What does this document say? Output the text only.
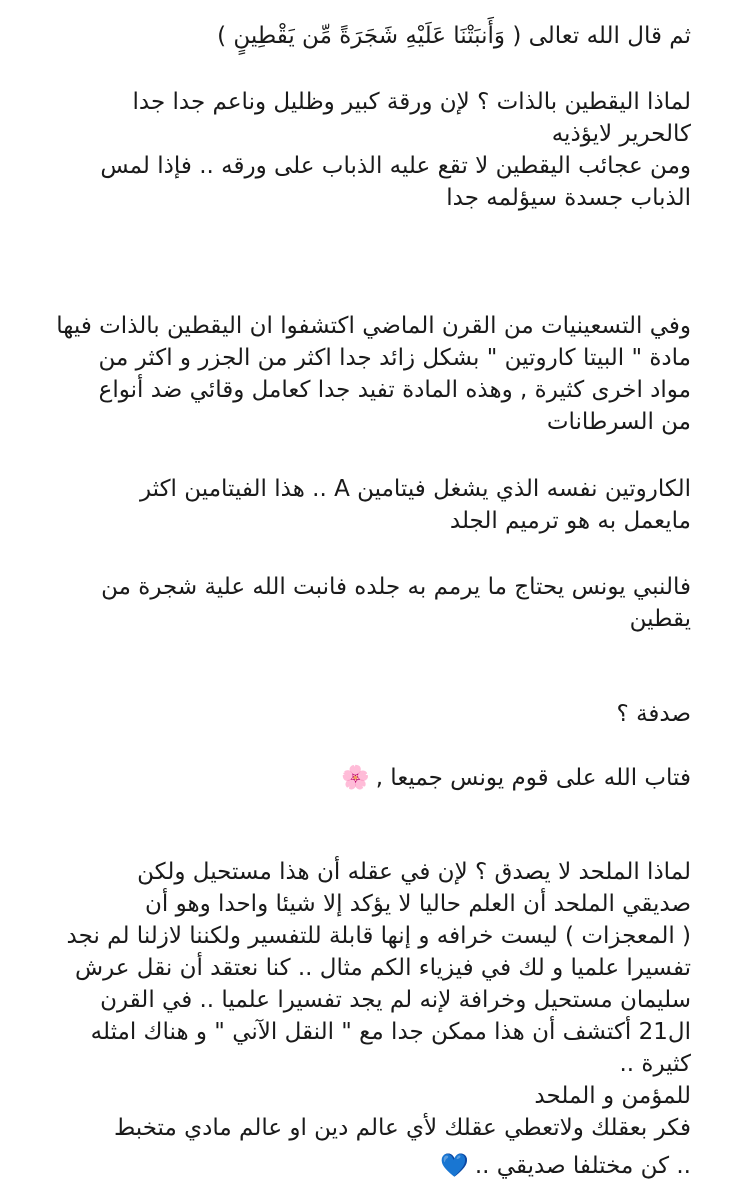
ثم قال الله تعالى ( وَأَنبَتْنَا عَلَيْهِ شَجَرَةً مِّن يَقْطِينٍ )
لماذا اليقطين بالذات ؟ لإن ورقة كبير وظليل وناعم جدا جدا
كالحرير لايؤذيه
ومن عجائب اليقطين لا تقع عليه الذباب على ورقه .. فإذا لمس
الذباب جسدة سيؤلمه جدا
وفي التسعينيات من القرن الماضي اكتشفوا ان اليقطين بالذات فيها
مادة " البيتا كاروتين " بشكل زائد جدا اكثر من الجزر و اكثر من
مواد اخرى كثيرة , وهذه المادة تفيد جدا كعامل وقائي ضد أنواع
من السرطانات
الكاروتين نفسه الذي يشغل فيتامين A .. هذا الفيتامين اكثر
مايعمل به هو ترميم الجلد
فالنبي يونس يحتاج ما يرمم به جلده فانبت الله علية شجرة من
يقطين
صدفة ؟
فتاب الله على قوم يونس جميعا ,🌸
لماذا الملحد لا يصدق ؟ لإن في عقله أن هذا مستحيل ولكن
صديقي الملحد أن العلم حاليا لا يؤكد إلا شيئا واحدا وهو أن
( المعجزات ) ليست خرافه و إنها قابلة للتفسير ولكننا لازلنا لم نجد
تفسيرا علميا و لك في فيزياء الكم مثال .. كنا نعتقد أن نقل عرش
سليمان مستحيل وخرافة لإنه لم يجد تفسيرا علميا .. في القرن
ال21 أكتشف أن هذا ممكن جدا مع " النقل الآني " و هناك امثله
كثيرة ..
للمؤمن و الملحد
فكر بعقلك ولاتعطي عقلك لأي عالم دين او عالم مادي متخبط
.. كن مختلفا صديقي ..💙
